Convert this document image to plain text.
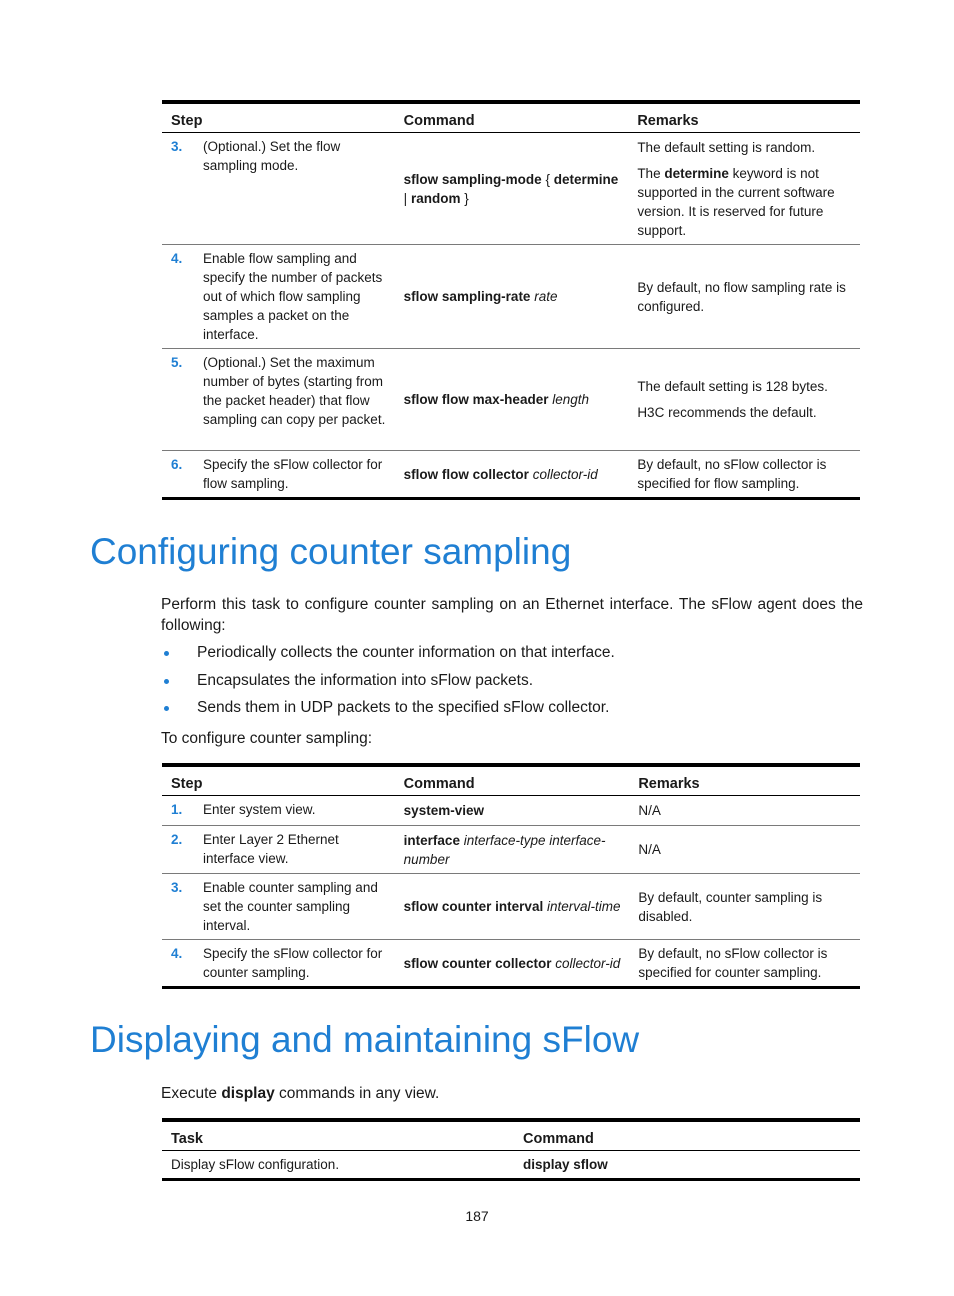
Step		Command	Remarks
3.	(Optional.) Set the flow sampling mode.	sflow sampling-mode { determine | random }	The default setting is random.

The determine keyword is not supported in the current software version. It is reserved for future support.

4.	Enable flow sampling and specify the number of packets out of which flow sampling samples a packet on the interface.	sflow sampling-rate rate	By default, no flow sampling rate is configured.

5.	(Optional.) Set the maximum number of bytes (starting from the packet header) that flow sampling can copy per packet.	sflow flow max-header length	The default setting is 128 bytes.

H3C recommends the default.

6.	Specify the sFlow collector for flow sampling.	sflow flow collector collector-id	By default, no sFlow collector is specified for flow sampling.

Configuring counter sampling

Perform this task to configure counter sampling on an Ethernet interface. The sFlow agent does the following:

Periodically collects the counter information on that interface.
Encapsulates the information into sFlow packets.
Sends them in UDP packets to the specified sFlow collector.

To configure counter sampling:

Step		Command	Remarks
1.	Enter system view.	system-view	N/A

2.	Enter Layer 2 Ethernet interface view.	interface interface-type interface-number	N/A

3.	Enable counter sampling and set the counter sampling interval.	sflow counter interval interval-time	By default, counter sampling is disabled.

4.	Specify the sFlow collector for counter sampling.	sflow counter collector collector-id	By default, no sFlow collector is specified for counter sampling.

Displaying and maintaining sFlow

Execute display commands in any view.

Task	Command
Display sFlow configuration.	display sflow
187
